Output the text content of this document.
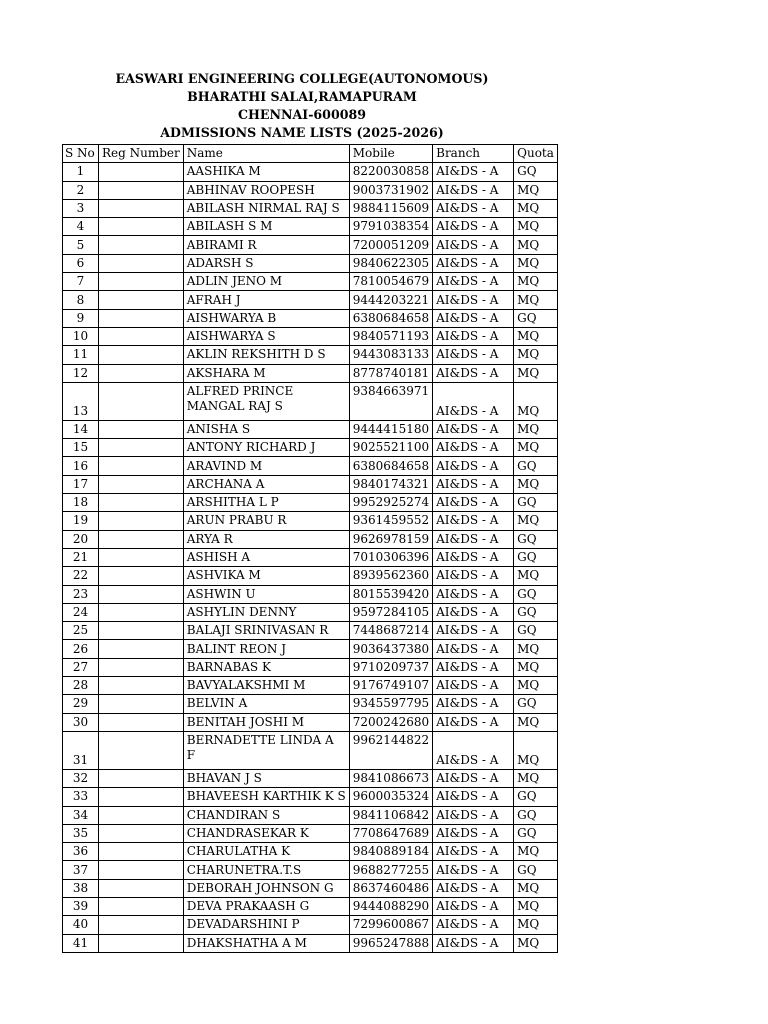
EASWARI ENGINEERING COLLEGE(AUTONOMOUS)
BHARATHI SALAI,RAMAPURAM
CHENNAI-600089
ADMISSIONS NAME LISTS (2025-2026)
S No	Reg Number	Name	Mobile	Branch	Quota
1		AASHIKA M	8220030858	AI&DS - A	GQ
2		ABHINAV ROOPESH	9003731902	AI&DS - A	MQ
3		ABILASH NIRMAL RAJ S	9884115609	AI&DS - A	MQ
4		ABILASH S M	9791038354	AI&DS - A	MQ
5		ABIRAMI R	7200051209	AI&DS - A	MQ
6		ADARSH S	9840622305	AI&DS - A	MQ
7		ADLIN JENO M	7810054679	AI&DS - A	MQ
8		AFRAH J	9444203221	AI&DS - A	MQ
9		AISHWARYA B	6380684658	AI&DS - A	GQ
10		AISHWARYA S	9840571193	AI&DS - A	MQ
11		AKLIN REKSHITH D S	9443083133	AI&DS - A	MQ
12		AKSHARA M	8778740181	AI&DS - A	MQ
13		ALFRED PRINCE MANGAL RAJ S	9384663971	AI&DS - A	MQ
14		ANISHA S	9444415180	AI&DS - A	MQ
15		ANTONY RICHARD J	9025521100	AI&DS - A	MQ
16		ARAVIND M	6380684658	AI&DS - A	GQ
17		ARCHANA A	9840174321	AI&DS - A	MQ
18		ARSHITHA L P	9952925274	AI&DS - A	GQ
19		ARUN PRABU R	9361459552	AI&DS - A	MQ
20		ARYA R	9626978159	AI&DS - A	GQ
21		ASHISH A	7010306396	AI&DS - A	GQ
22		ASHVIKA M	8939562360	AI&DS - A	MQ
23		ASHWIN U	8015539420	AI&DS - A	GQ
24		ASHYLIN DENNY	9597284105	AI&DS - A	GQ
25		BALAJI SRINIVASAN R	7448687214	AI&DS - A	GQ
26		BALINT REON J	9036437380	AI&DS - A	MQ
27		BARNABAS K	9710209737	AI&DS - A	MQ
28		BAVYALAKSHMI M	9176749107	AI&DS - A	MQ
29		BELVIN A	9345597795	AI&DS - A	GQ
30		BENITAH JOSHI M	7200242680	AI&DS - A	MQ
31		BERNADETTE LINDA A F	9962144822	AI&DS - A	MQ
32		BHAVAN J S	9841086673	AI&DS - A	MQ
33		BHAVEESH KARTHIK K S	9600035324	AI&DS - A	GQ
34		CHANDIRAN S	9841106842	AI&DS - A	GQ
35		CHANDRASEKAR K	7708647689	AI&DS - A	GQ
36		CHARULATHA K	9840889184	AI&DS - A	MQ
37		CHARUNETRA.T.S	9688277255	AI&DS - A	GQ
38		DEBORAH JOHNSON G	8637460486	AI&DS - A	MQ
39		DEVA PRAKAASH G	9444088290	AI&DS - A	MQ
40		DEVADARSHINI P	7299600867	AI&DS - A	MQ
41		DHAKSHATHA A M	9965247888	AI&DS - A	MQ
